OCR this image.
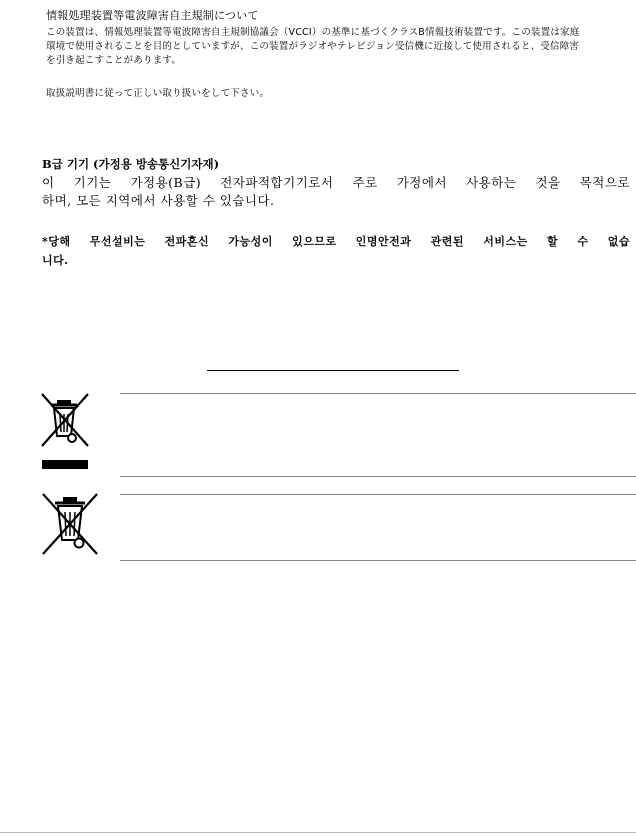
情報処理装置等電波障害自主規制について
この装置は、情報処理装置等電波障害自主規制協議会（VCCI）の基準に基づくクラスB情報技術装置です。この装置は家庭環境で使用されることを目的としていますが、この装置がラジオやテレビジョン受信機に近接して使用されると、受信障害を引き起こすことがあります。
取扱説明書に従って正しい取り扱いをして下さい。
B급 기기 (가정용 방송통신기자재)
이 기기는 가정용(B급) 전자파적합기기로서 주로 가정에서 사용하는 것을 목적으로
하며, 모든 지역에서 사용할 수 있습니다.
*당해 무선설비는 전파혼신 가능성이 있으므로 인명안전과 관련된 서비스는 할 수 없습
니다.
